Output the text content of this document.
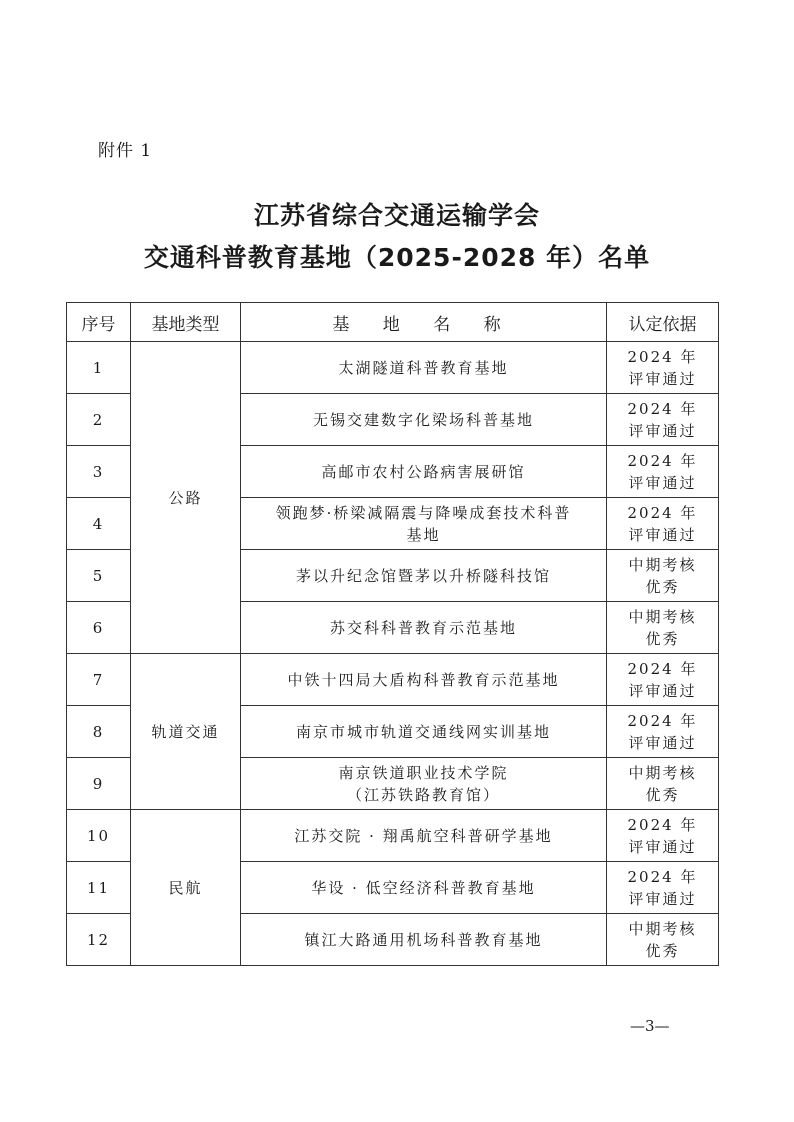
附件 1
江苏省综合交通运输学会
交通科普教育基地（2025-2028 年）名单
序号	基地类型	基 地 名 称	认定依据
1	公路	太湖隧道科普教育基地	2024 年
评审通过

2		无锡交建数字化梁场科普基地	2024 年
评审通过

3		高邮市农村公路病害展研馆	2024 年
评审通过

4		领跑梦·桥梁减隔震与降噪成套技术科普
基地	2024 年
评审通过

5		茅以升纪念馆暨茅以升桥隧科技馆	中期考核
优秀

6		苏交科科普教育示范基地	中期考核
优秀

7	轨道交通	中铁十四局大盾构科普教育示范基地	2024 年
评审通过

8		南京市城市轨道交通线网实训基地	2024 年
评审通过

9		南京铁道职业技术学院
（江苏铁路教育馆）	中期考核
优秀

10	民航	江苏交院 · 翔禹航空科普研学基地	2024 年
评审通过

11		华设 · 低空经济科普教育基地	2024 年
评审通过

12		镇江大路通用机场科普教育基地	中期考核
优秀
—3—
